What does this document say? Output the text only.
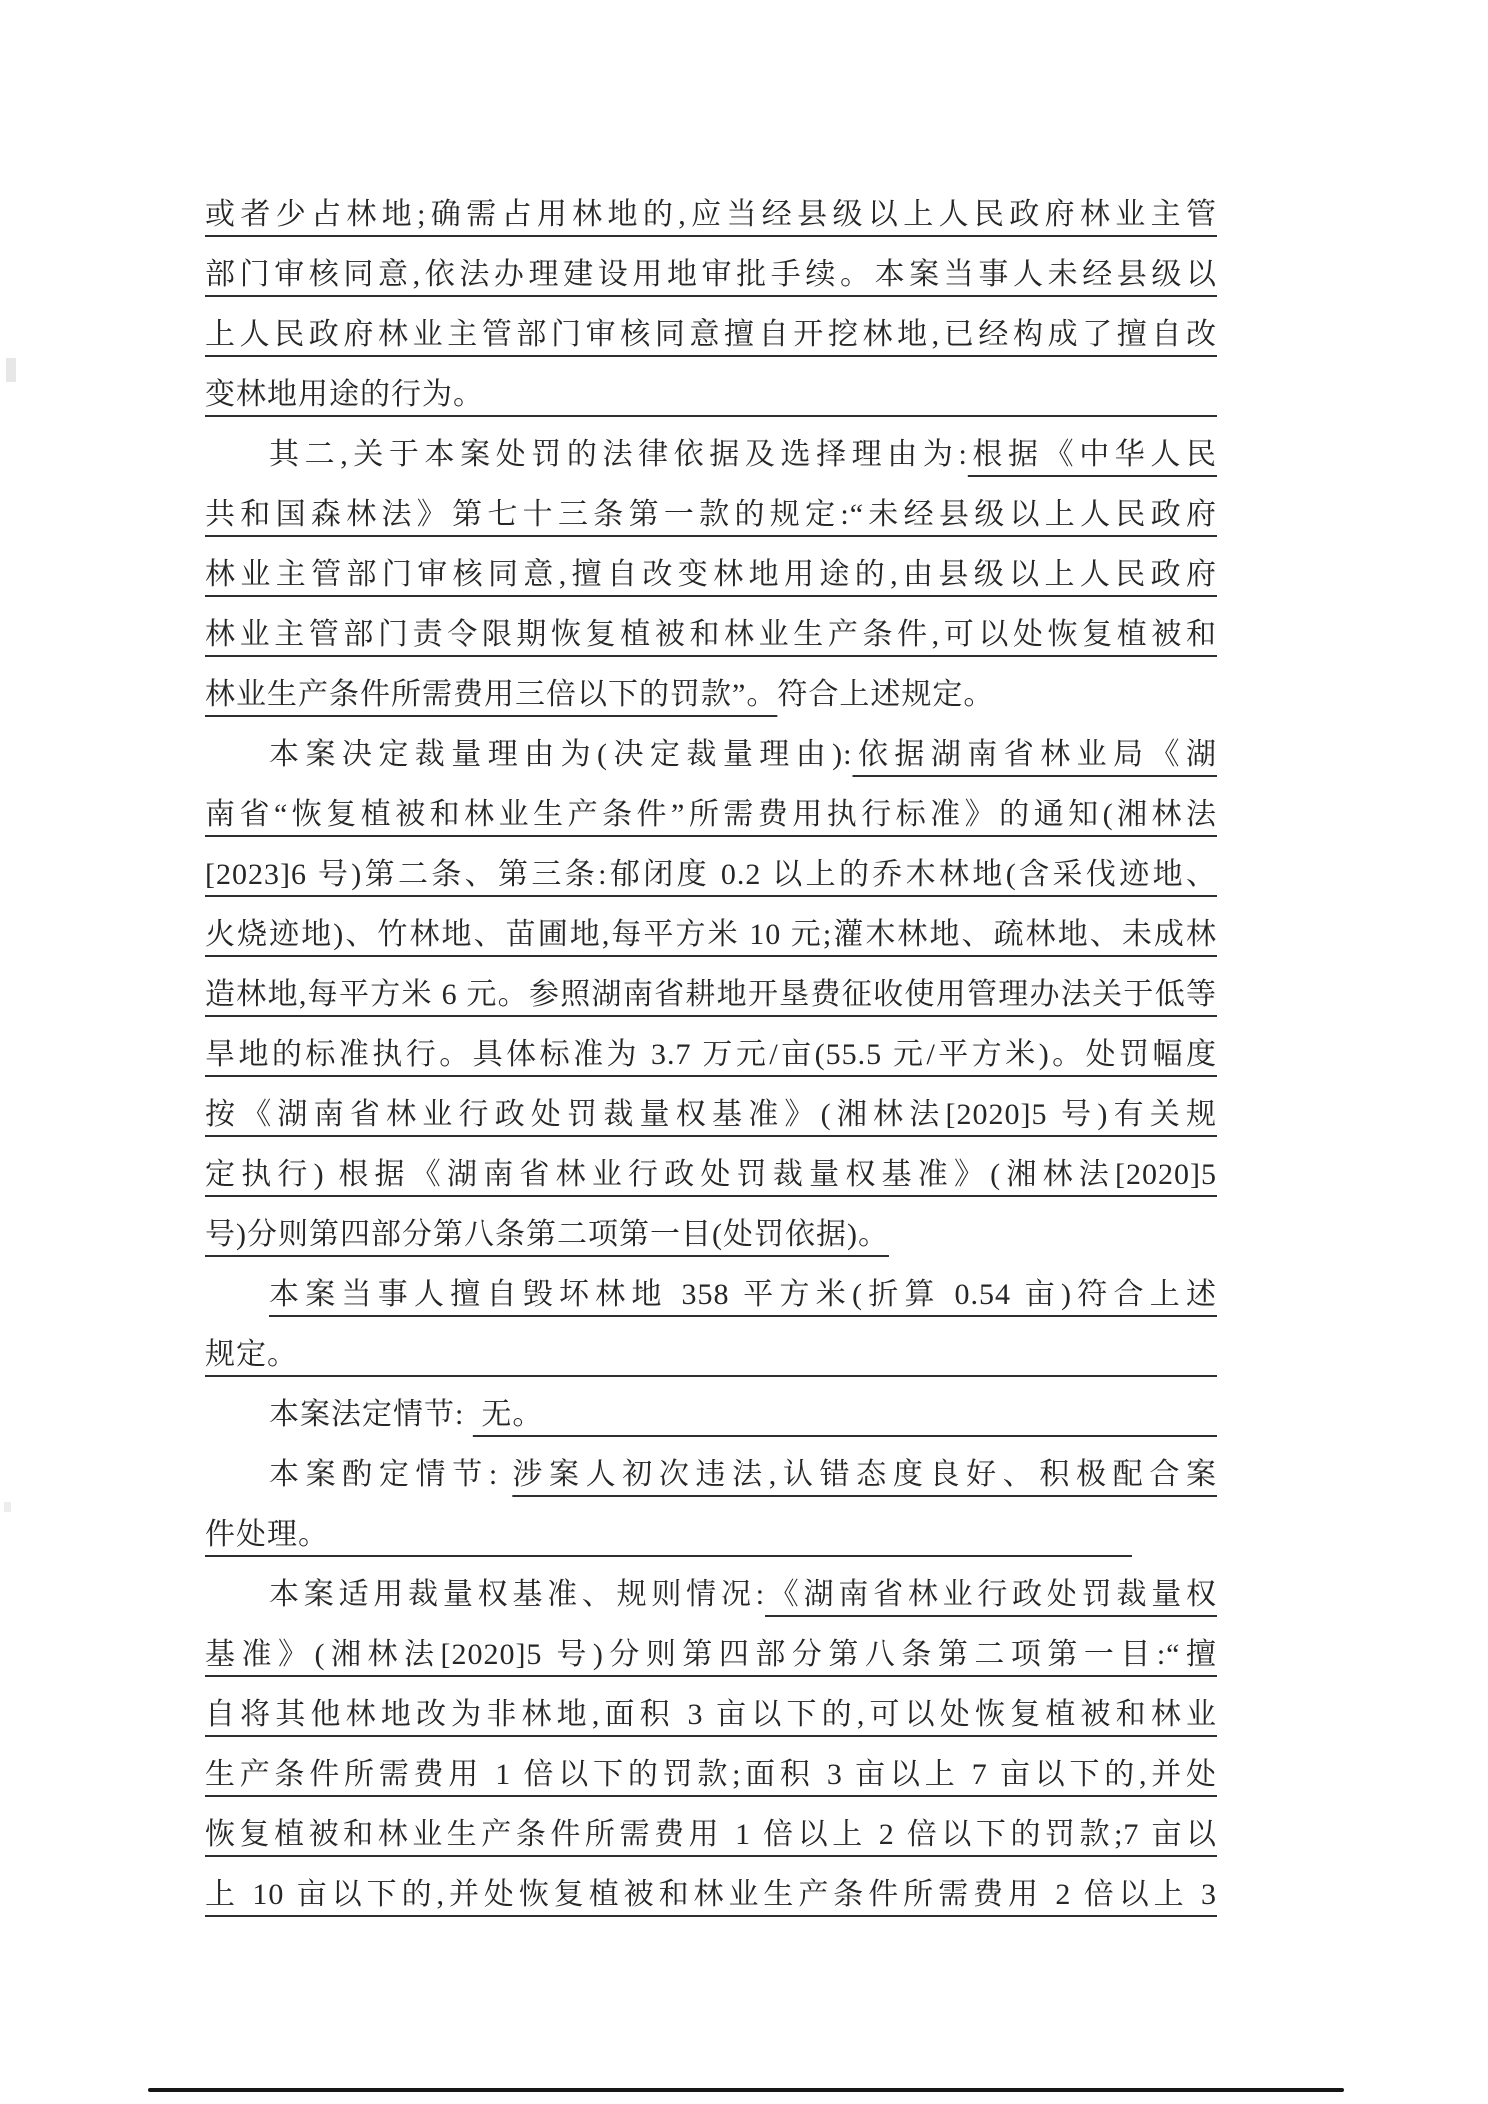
或者少占林地;确需占用林地的,应当经县级以上人民政府林业主管
部门审核同意,依法办理建设用地审批手续。本案当事人未经县级以
上人民政府林业主管部门审核同意擅自开挖林地,已经构成了擅自改
变林地用途的行为。
其二,关于本案处罚的法律依据及选择理由为:根据《中华人民
共和国森林法》第七十三条第一款的规定:“未经县级以上人民政府
林业主管部门审核同意,擅自改变林地用途的,由县级以上人民政府
林业主管部门责令限期恢复植被和林业生产条件,可以处恢复植被和
林业生产条件所需费用三倍以下的罚款”。符合上述规定。
本案决定裁量理由为(决定裁量理由):依据湖南省林业局《湖
南省“恢复植被和林业生产条件”所需费用执行标准》的通知(湘林法
[2023]6 号)第二条、第三条:郁闭度 0.2 以上的乔木林地(含采伐迹地、
火烧迹地)、竹林地、苗圃地,每平方米 10 元;灌木林地、疏林地、未成林
造林地,每平方米 6 元。参照湖南省耕地开垦费征收使用管理办法关于低等
旱地的标准执行。具体标准为 3.7 万元/亩(55.5 元/平方米)。处罚幅度
按《湖南省林业行政处罚裁量权基准》(湘林法[2020]5 号)有关规
定执行) 根据《湖南省林业行政处罚裁量权基准》(湘林法[2020]5
号)分则第四部分第八条第二项第一目(处罚依据)。
本案当事人擅自毁坏林地 358 平方米(折算 0.54 亩)符合上述
规定。
本案法定情节: 无。
本案酌定情节: 涉案人初次违法,认错态度良好、积极配合案
件处理。
本案适用裁量权基准、规则情况:《湖南省林业行政处罚裁量权
基准》(湘林法[2020]5 号)分则第四部分第八条第二项第一目:“擅
自将其他林地改为非林地,面积 3 亩以下的,可以处恢复植被和林业
生产条件所需费用 1 倍以下的罚款;面积 3 亩以上 7 亩以下的,并处
恢复植被和林业生产条件所需费用 1 倍以上 2 倍以下的罚款;7 亩以
上 10 亩以下的,并处恢复植被和林业生产条件所需费用 2 倍以上 3
